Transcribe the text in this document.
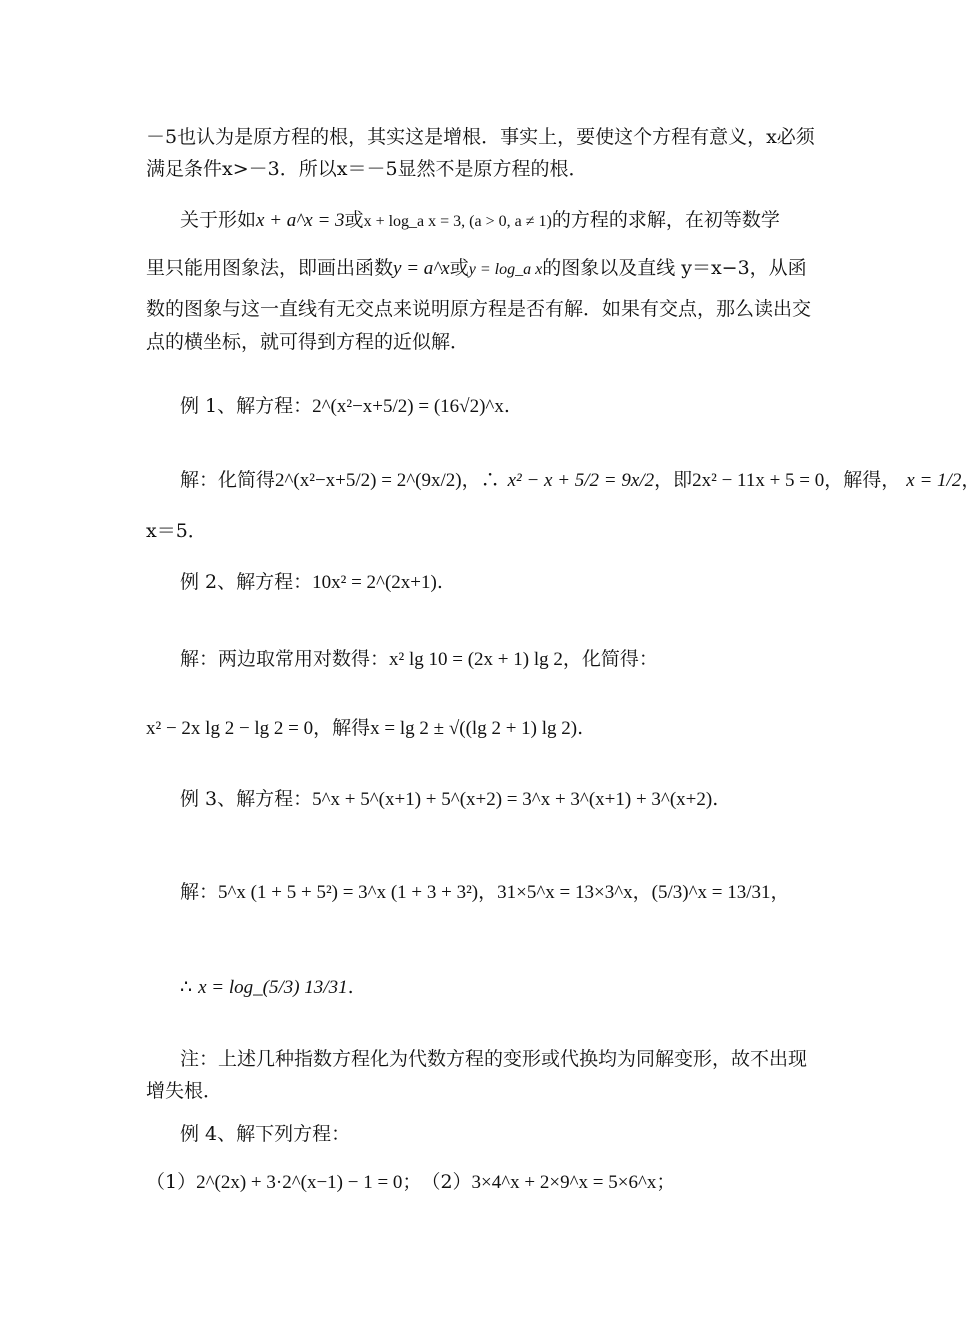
－5也认为是原方程的根，其实这是增根．事实上，要使这个方程有意义，x必须
满足条件x>－3．所以x＝－5显然不是原方程的根．
关于形如x + a^x = 3或x + log_a x = 3, (a > 0, a ≠ 1)的方程的求解，在初等数学
里只能用图象法，即画出函数y = a^x或y = log_a x的图象以及直线 y＝x−3，从函
数的图象与这一直线有无交点来说明原方程是否有解．如果有交点，那么读出交
点的横坐标，就可得到方程的近似解．
例 1、解方程：2^(x²−x+5/2) = (16√2)^x.
解：化简得2^(x²−x+5/2) = 2^(9x/2)，∴ x² − x + 5/2 = 9x/2，即2x² − 11x + 5 = 0，解得， x = 1/2，
x＝5．
例 2、解方程：10x² = 2^(2x+1).
解：两边取常用对数得：x² lg 10 = (2x + 1) lg 2，化简得：
x² − 2x lg 2 − lg 2 = 0，解得x = lg 2 ± √((lg 2 + 1) lg 2).
例 3、解方程：5^x + 5^(x+1) + 5^(x+2) = 3^x + 3^(x+1) + 3^(x+2).
解：5^x (1 + 5 + 5²) = 3^x (1 + 3 + 3²)，31×5^x = 13×3^x，(5/3)^x = 13/31，
∴ x = log_(5/3) 13/31.
注：上述几种指数方程化为代数方程的变形或代换均为同解变形，故不出现
增失根．
例 4、解下列方程：
（1）2^(2x) + 3·2^(x−1) − 1 = 0；　（2）3×4^x + 2×9^x = 5×6^x；
